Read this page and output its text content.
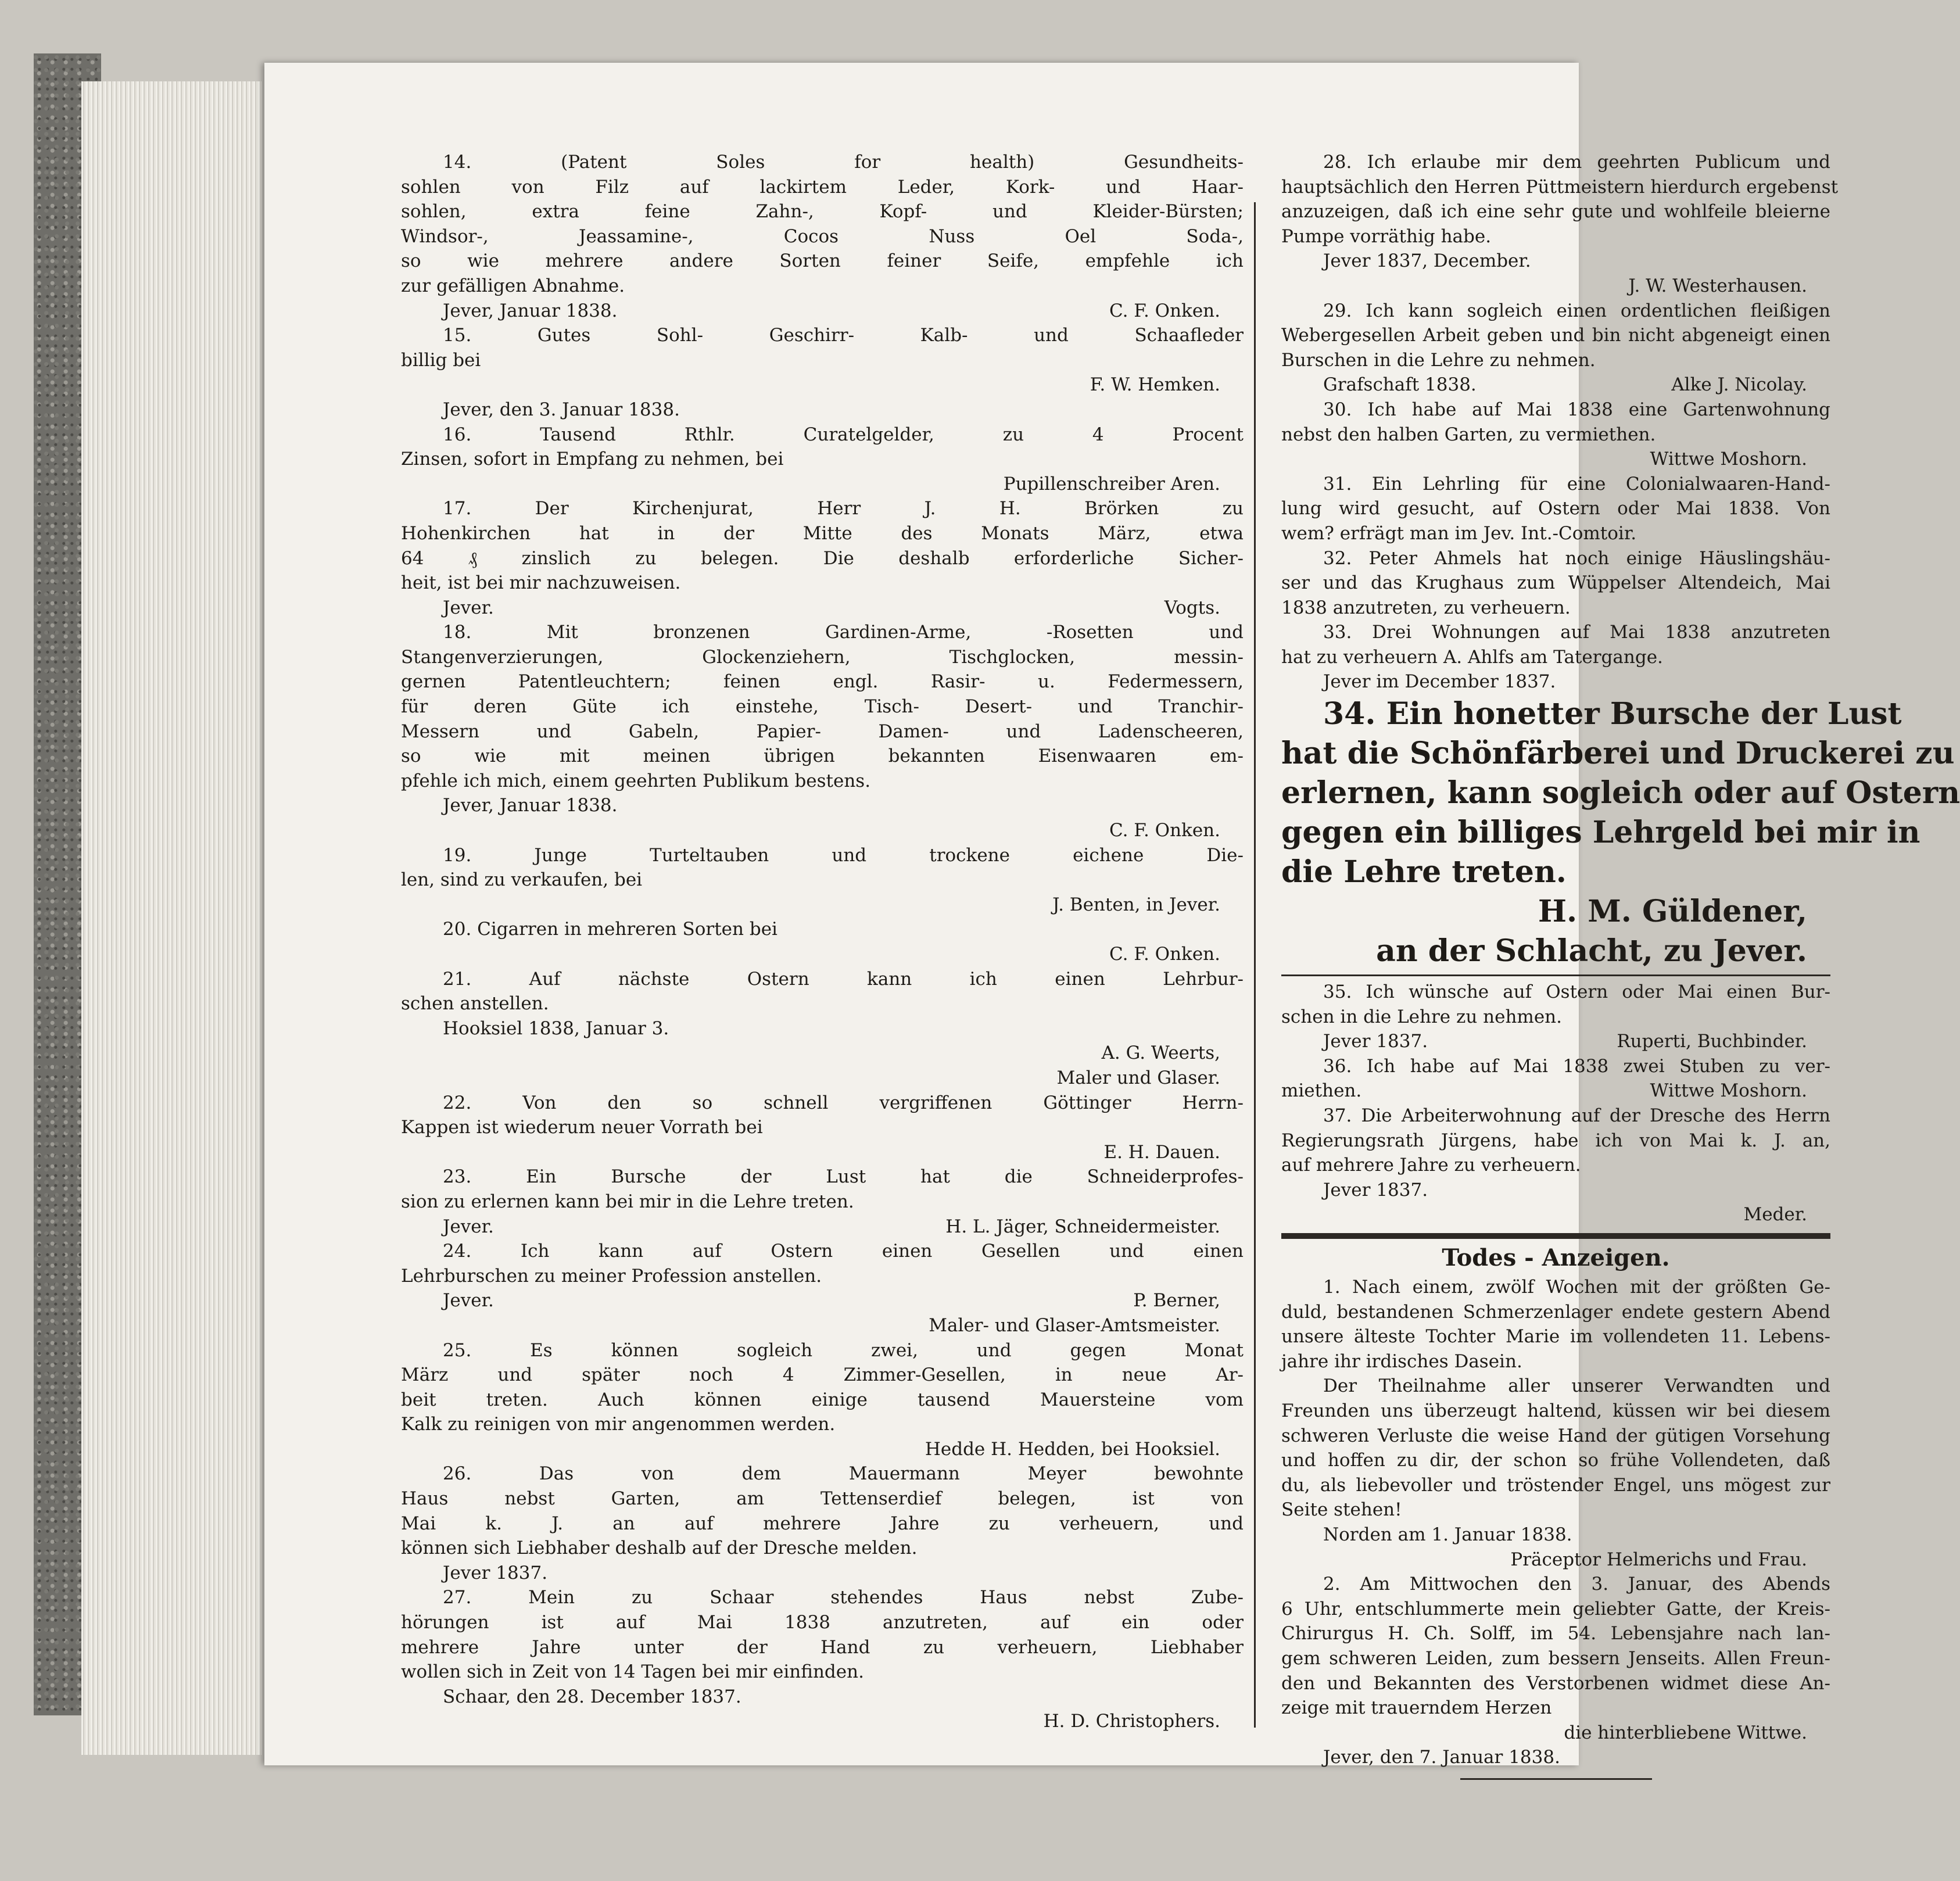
14. (Patent Soles for health) Gesundheits-
sohlen von Filz auf lackirtem Leder, Kork- und Haar-
sohlen, extra feine Zahn-, Kopf- und Kleider-Bürsten;
Windsor-, Jeassamine-, Cocos Nuss Oel Soda-,
so wie mehrere andere Sorten feiner Seife, empfehle ich
zur gefälligen Abnahme.
Jever, Januar 1838.	C. F. Onken.
15. Gutes Sohl- Geschirr- Kalb- und Schaafleder
billig bei
F. W. Hemken.
Jever, den 3. Januar 1838.
16. Tausend Rthlr. Curatelgelder, zu 4 Procent
Zinsen, sofort in Empfang zu nehmen, bei
Pupillenschreiber Aren.
17. Der Kirchenjurat, Herr J. H. Brörken zu
Hohenkirchen hat in der Mitte des Monats März, etwa
64 ₰ zinslich zu belegen. Die deshalb erforderliche Sicher-
heit, ist bei mir nachzuweisen.
Jever.	Vogts.
18. Mit bronzenen Gardinen-Arme, -Rosetten und
Stangenverzierungen, Glockenziehern, Tischglocken, messin-
gernen Patentleuchtern; feinen engl. Rasir- u. Federmessern,
für deren Güte ich einstehe, Tisch- Desert- und Tranchir-
Messern und Gabeln, Papier- Damen- und Ladenscheeren,
so wie mit meinen übrigen bekannten Eisenwaaren em-
pfehle ich mich, einem geehrten Publikum bestens.
Jever, Januar 1838.
C. F. Onken.
19. Junge Turteltauben und trockene eichene Die-
len, sind zu verkaufen, bei
J. Benten, in Jever.
20. Cigarren in mehreren Sorten bei
C. F. Onken.
21. Auf nächste Ostern kann ich einen Lehrbur-
schen anstellen.
Hooksiel 1838, Januar 3.
A. G. Weerts,
Maler und Glaser.
22. Von den so schnell vergriffenen Göttinger Herrn-
Kappen ist wiederum neuer Vorrath bei
E. H. Dauen.
23. Ein Bursche der Lust hat die Schneiderprofes-
sion zu erlernen kann bei mir in die Lehre treten.
Jever.	H. L. Jäger, Schneidermeister.
24. Ich kann auf Ostern einen Gesellen und einen
Lehrburschen zu meiner Profession anstellen.
Jever.	P. Berner,
Maler- und Glaser-Amtsmeister.
25. Es können sogleich zwei, und gegen Monat
März und später noch 4 Zimmer-Gesellen, in neue Ar-
beit treten. Auch können einige tausend Mauersteine vom
Kalk zu reinigen von mir angenommen werden.
Hedde H. Hedden, bei Hooksiel.
26. Das von dem Mauermann Meyer bewohnte
Haus nebst Garten, am Tettenserdief belegen, ist von
Mai k. J. an auf mehrere Jahre zu verheuern, und
können sich Liebhaber deshalb auf der Dresche melden.
Jever 1837.
27. Mein zu Schaar stehendes Haus nebst Zube-
hörungen ist auf Mai 1838 anzutreten, auf ein oder
mehrere Jahre unter der Hand zu verheuern, Liebhaber
wollen sich in Zeit von 14 Tagen bei mir einfinden.
Schaar, den 28. December 1837.
H. D. Christophers.
28. Ich erlaube mir dem geehrten Publicum und
hauptsächlich den Herren Püttmeistern hierdurch ergebenst
anzuzeigen, daß ich eine sehr gute und wohlfeile bleierne
Pumpe vorräthig habe.
Jever 1837, December.
J. W. Westerhausen.
29. Ich kann sogleich einen ordentlichen fleißigen
Webergesellen Arbeit geben und bin nicht abgeneigt einen
Burschen in die Lehre zu nehmen.
Grafschaft 1838.	Alke J. Nicolay.
30. Ich habe auf Mai 1838 eine Gartenwohnung
nebst den halben Garten, zu vermiethen.
Wittwe Moshorn.
31. Ein Lehrling für eine Colonialwaaren-Hand-
lung wird gesucht, auf Ostern oder Mai 1838. Von
wem? erfrägt man im Jev. Int.-Comtoir.
32. Peter Ahmels hat noch einige Häuslingshäu-
ser und das Krughaus zum Wüppelser Altendeich, Mai
1838 anzutreten, zu verheuern.
33. Drei Wohnungen auf Mai 1838 anzutreten
hat zu verheuern A. Ahlfs am Tatergange.
Jever im December 1837.
34. Ein honetter Bursche der Lust
hat die Schönfärberei und Druckerei zu
erlernen, kann sogleich oder auf Ostern
gegen ein billiges Lehrgeld bei mir in
die Lehre treten.
H. M. Güldener,
an der Schlacht, zu Jever.
35. Ich wünsche auf Ostern oder Mai einen Bur-
schen in die Lehre zu nehmen.
Jever 1837.	Ruperti, Buchbinder.
36. Ich habe auf Mai 1838 zwei Stuben zu ver-
miethen.	Wittwe Moshorn.
37. Die Arbeiterwohnung auf der Dresche des Herrn
Regierungsrath Jürgens, habe ich von Mai k. J. an,
auf mehrere Jahre zu verheuern.
Jever 1837.
Meder.
Todes - Anzeigen.
1. Nach einem, zwölf Wochen mit der größten Ge-
duld, bestandenen Schmerzenlager endete gestern Abend
unsere älteste Tochter Marie im vollendeten 11. Lebens-
jahre ihr irdisches Dasein.
Der Theilnahme aller unserer Verwandten und
Freunden uns überzeugt haltend, küssen wir bei diesem
schweren Verluste die weise Hand der gütigen Vorsehung
und hoffen zu dir, der schon so frühe Vollendeten, daß
du, als liebevoller und tröstender Engel, uns mögest zur
Seite stehen!
Norden am 1. Januar 1838.
Präceptor Helmerichs und Frau.
2. Am Mittwochen den 3. Januar, des Abends
6 Uhr, entschlummerte mein geliebter Gatte, der Kreis-
Chirurgus H. Ch. Solff, im 54. Lebensjahre nach lan-
gem schweren Leiden, zum bessern Jenseits. Allen Freun-
den und Bekannten des Verstorbenen widmet diese An-
zeige mit trauerndem Herzen
die hinterbliebene Wittwe.
Jever, den 7. Januar 1838.
